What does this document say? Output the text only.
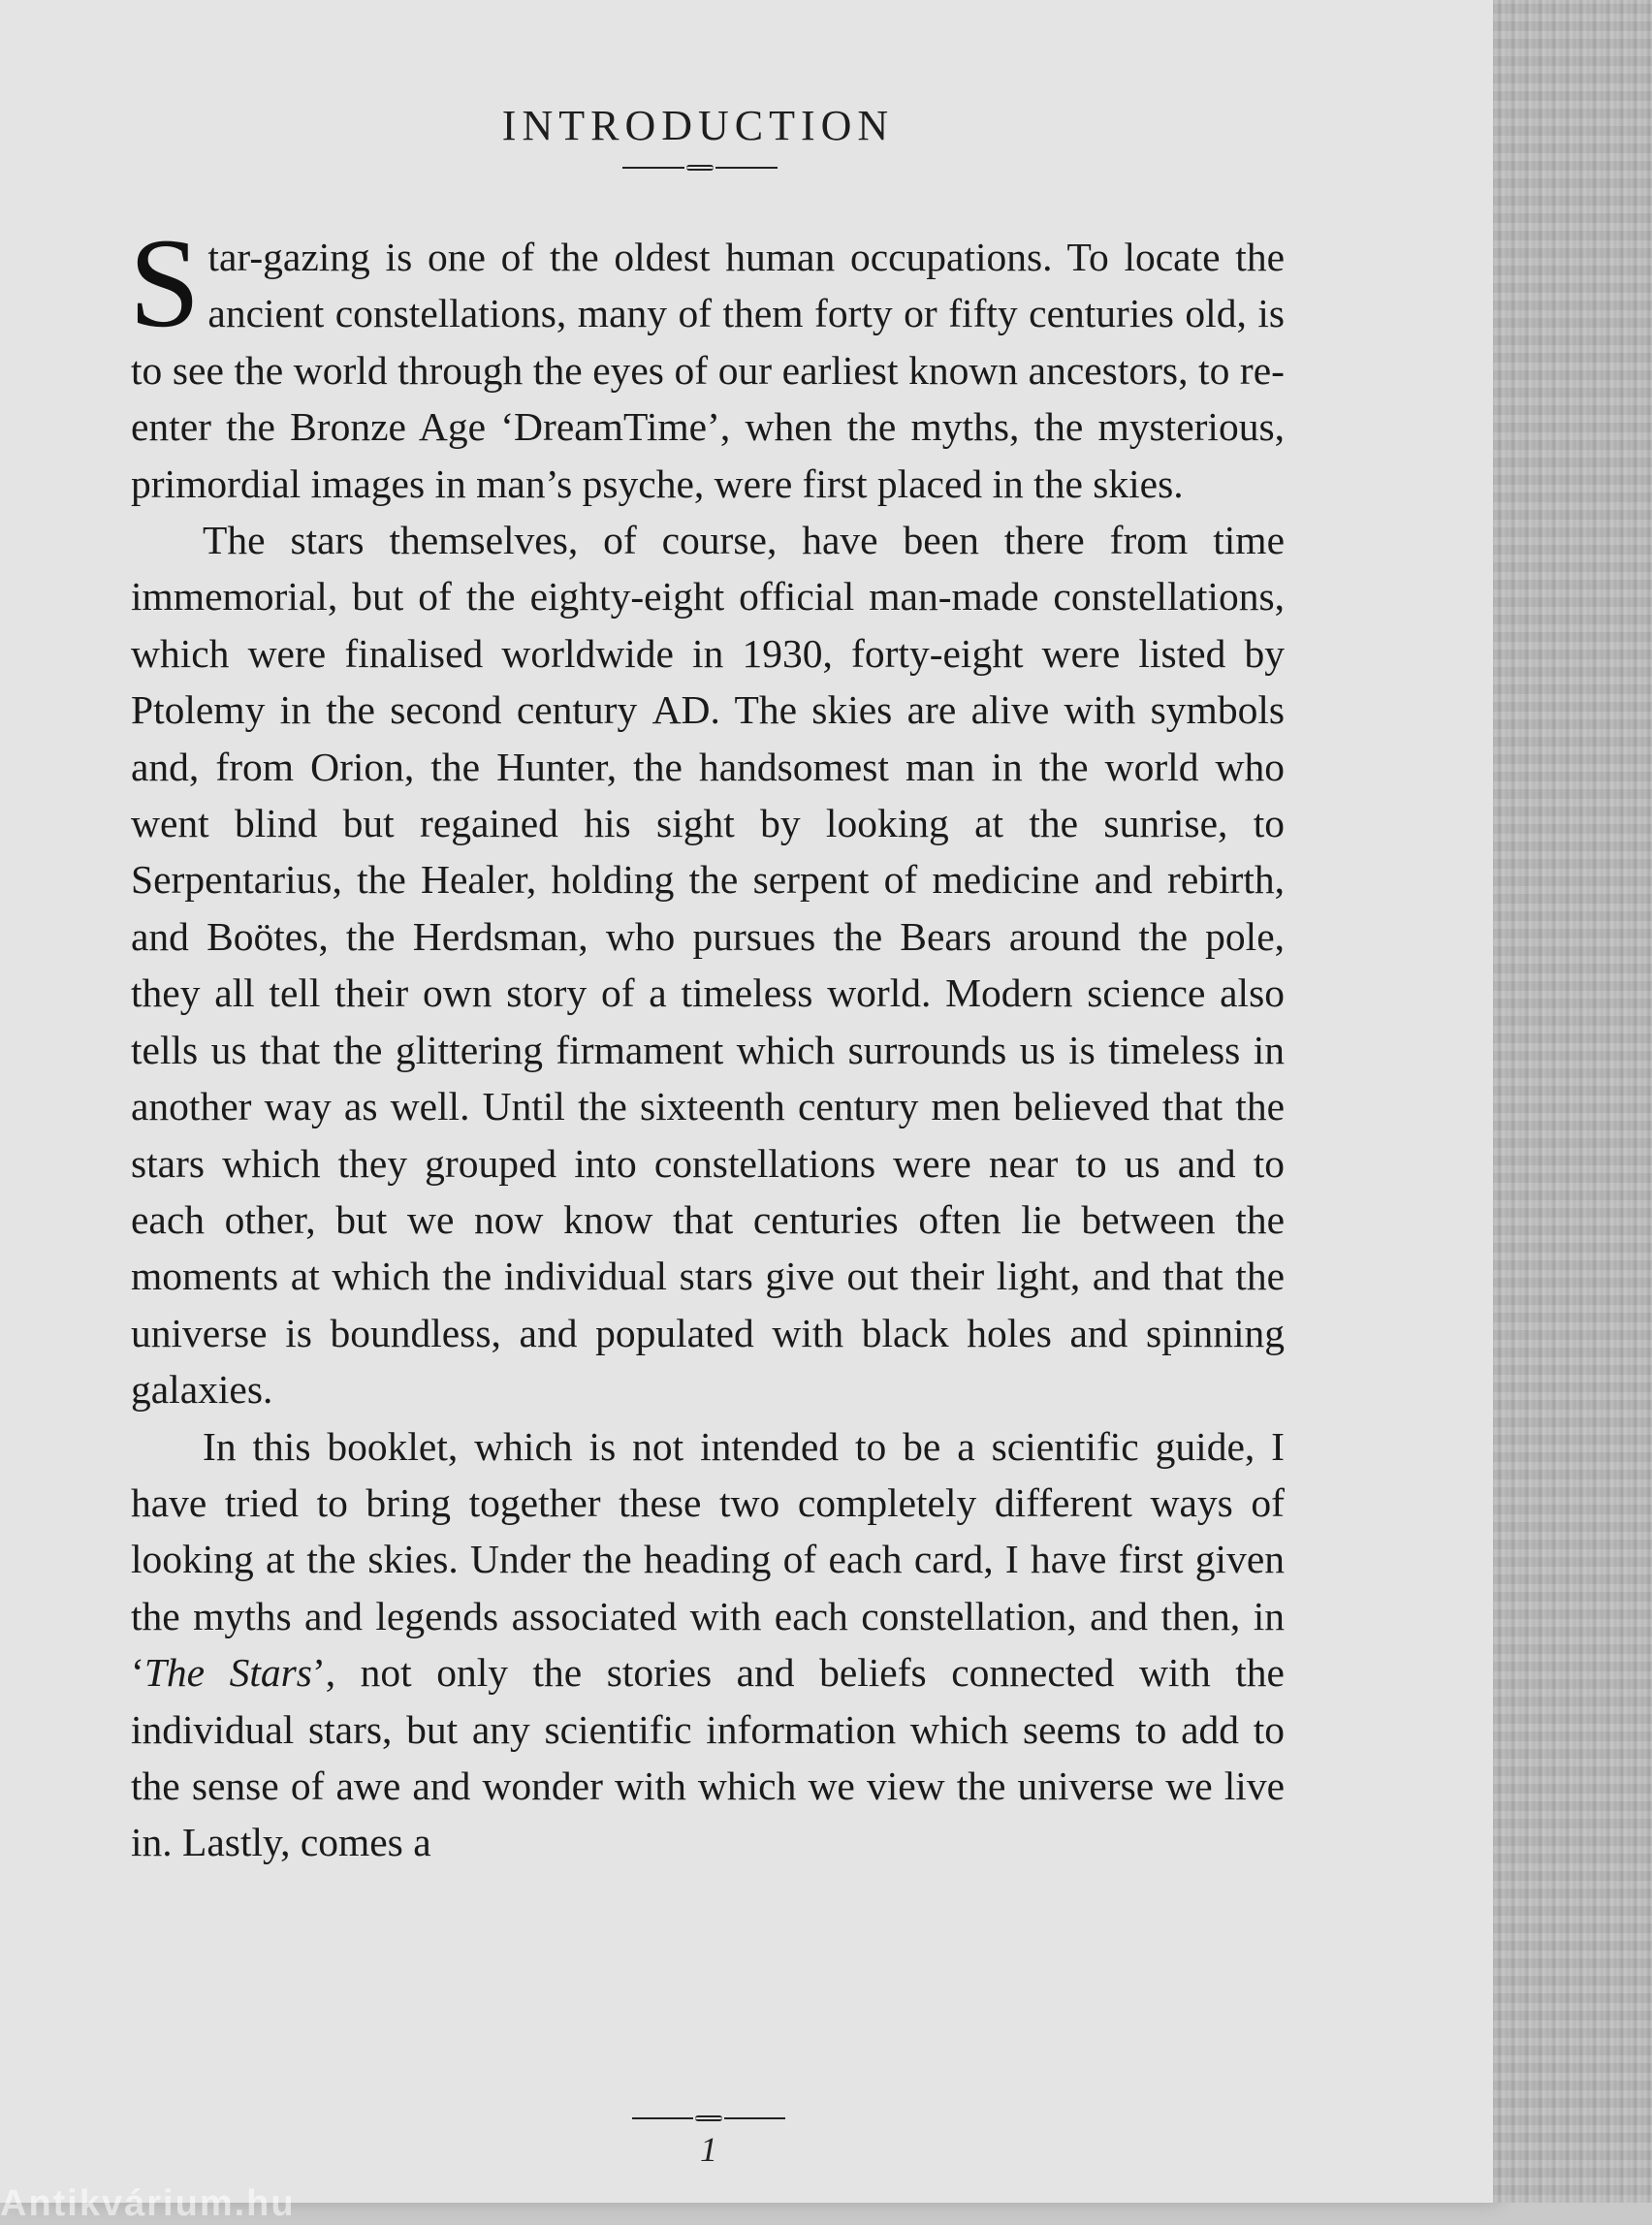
INTRODUCTION

Star-gazing is one of the oldest human occupations. To locate the ancient constellations, many of them forty or fifty centuries old, is to see the world through the eyes of our earliest known ancestors, to re-enter the Bronze Age ‘DreamTime’, when the myths, the mysterious, primordial images in man’s psyche, were first placed in the skies.

The stars themselves, of course, have been there from time immemorial, but of the eighty-eight official man-made constellations, which were finalised worldwide in 1930, forty-eight were listed by Ptolemy in the second century AD. The skies are alive with symbols and, from Orion, the Hunter, the handsomest man in the world who went blind but regained his sight by looking at the sunrise, to Serpentarius, the Healer, holding the serpent of medicine and rebirth, and Boötes, the Herdsman, who pursues the Bears around the pole, they all tell their own story of a timeless world. Modern science also tells us that the glittering firmament which surrounds us is timeless in another way as well. Until the sixteenth century men believed that the stars which they grouped into constellations were near to us and to each other, but we now know that centuries often lie between the moments at which the individual stars give out their light, and that the universe is boundless, and populated with black holes and spinning galaxies.

In this booklet, which is not intended to be a scientific guide, I have tried to bring together these two completely different ways of looking at the skies. Under the heading of each card, I have first given the myths and legends associated with each constellation, and then, in ‘The Stars’, not only the stories and beliefs connected with the individual stars, but any scientific information which seems to add to the sense of awe and wonder with which we view the universe we live in. Lastly, comes a

1
Antikvárium.hu
